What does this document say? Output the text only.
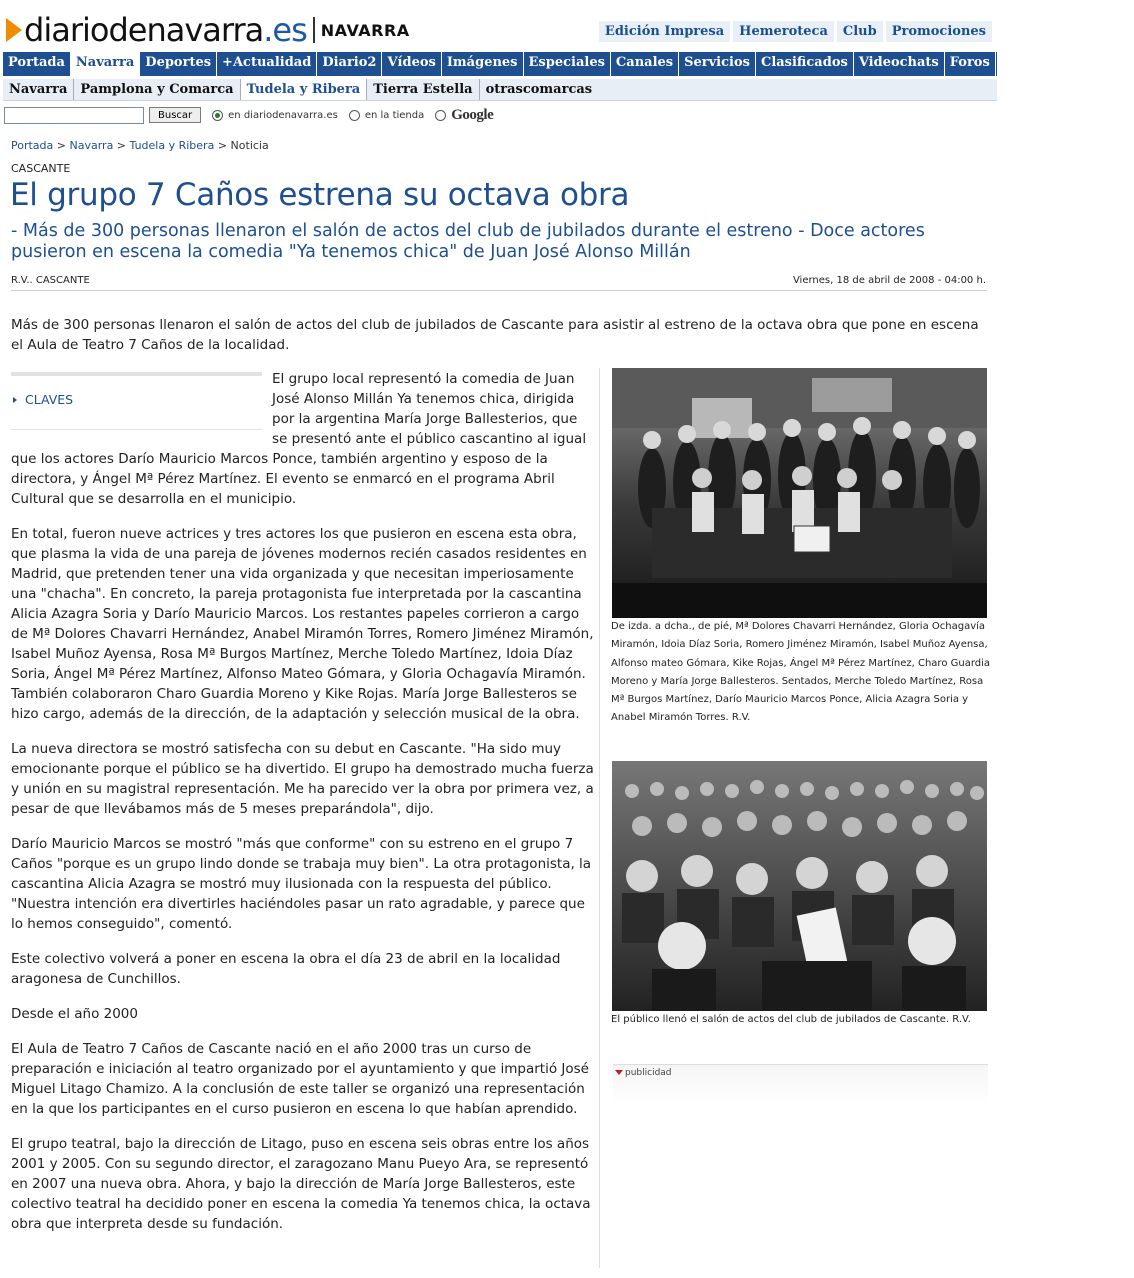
diariodenavarra.es NAVARRA	Edición Impresa	Hemeroteca	Club	Promociones
Portada Navarra Deportes +Actualidad Diario2 Vídeos Imágenes Especiales Canales Servicios Clasificados Videochats Foros Blogs Mapa Web
Navarra	Pamplona y Comarca	Tudela y Ribera	Tierra Estella	otrascomarcas
Buscar	en diariodenavarra.es	en la tienda Google
Portada > Navarra > Tudela y Ribera > Noticia
CASCANTE
El grupo 7 Caños estrena su octava obra
- Más de 300 personas llenaron el salón de actos del club de jubilados durante el estreno - Doce actores pusieron en escena la comedia "Ya tenemos chica" de Juan José Alonso Millán
R.V.. CASCANTE	Viernes, 18 de abril de 2008 - 04:00 h.
Más de 300 personas llenaron el salón de actos del club de jubilados de Cascante para asistir al estreno de la octava obra que pone en escena el Aula de Teatro 7 Caños de la localidad.
CLAVES

El grupo local representó la comedia de Juan José Alonso Millán Ya tenemos chica, dirigida por la argentina María Jorge Ballesterios, que se presentó ante el público cascantino al igual que los actores Darío Mauricio Marcos Ponce, también argentino y esposo de la directora, y Ángel Mª Pérez Martínez. El evento se enmarcó en el programa Abril Cultural que se desarrolla en el municipio.

En total, fueron nueve actrices y tres actores los que pusieron en escena esta obra, que plasma la vida de una pareja de jóvenes modernos recién casados residentes en Madrid, que pretenden tener una vida organizada y que necesitan imperiosamente una "chacha". En concreto, la pareja protagonista fue interpretada por la cascantina Alicia Azagra Soria y Darío Mauricio Marcos. Los restantes papeles corrieron a cargo de Mª Dolores Chavarri Hernández, Anabel Miramón Torres, Romero Jiménez Miramón, Isabel Muñoz Ayensa, Rosa Mª Burgos Martínez, Merche Toledo Martínez, Idoia Díaz Soria, Ángel Mª Pérez Martínez, Alfonso Mateo Gómara, y Gloria Ochagavía Miramón. También colaboraron Charo Guardia Moreno y Kike Rojas. María Jorge Ballesteros se hizo cargo, además de la dirección, de la adaptación y selección musical de la obra.

La nueva directora se mostró satisfecha con su debut en Cascante. "Ha sido muy emocionante porque el público se ha divertido. El grupo ha demostrado mucha fuerza y unión en su magistral representación. Me ha parecido ver la obra por primera vez, a pesar de que llevábamos más de 5 meses preparándola", dijo.

Darío Mauricio Marcos se mostró "más que conforme" con su estreno en el grupo 7 Caños "porque es un grupo lindo donde se trabaja muy bien". La otra protagonista, la cascantina Alicia Azagra se mostró muy ilusionada con la respuesta del público. "Nuestra intención era divertirles haciéndoles pasar un rato agradable, y parece que lo hemos conseguido", comentó.

Este colectivo volverá a poner en escena la obra el día 23 de abril en la localidad aragonesa de Cunchillos.

Desde el año 2000

El Aula de Teatro 7 Caños de Cascante nació en el año 2000 tras un curso de preparación e iniciación al teatro organizado por el ayuntamiento y que impartió José Miguel Litago Chamizo. A la conclusión de este taller se organizó una representación en la que los participantes en el curso pusieron en escena lo que habían aprendido.

El grupo teatral, bajo la dirección de Litago, puso en escena seis obras entre los años 2001 y 2005. Con su segundo director, el zaragozano Manu Pueyo Ara, se representó en 2007 una nueva obra. Ahora, y bajo la dirección de María Jorge Ballesteros, este colectivo teatral ha decidido poner en escena la comedia Ya tenemos chica, la octava obra que interpreta desde su fundación.

De izda. a dcha., de pié, Mª Dolores Chavarri Hernández, Gloria Ochagavía Miramón, Idoia Díaz Soria, Romero Jiménez Miramón, Isabel Muñoz Ayensa, Alfonso mateo Gómara, Kike Rojas, Ángel Mª Pérez Martínez, Charo Guardia Moreno y María Jorge Ballesteros. Sentados, Merche Toledo Martínez, Rosa Mª Burgos Martínez, Darío Mauricio Marcos Ponce, Alicia Azagra Soria y Anabel Miramón Torres. R.V.
El público llenó el salón de actos del club de jubilados de Cascante. R.V.
publicidad
